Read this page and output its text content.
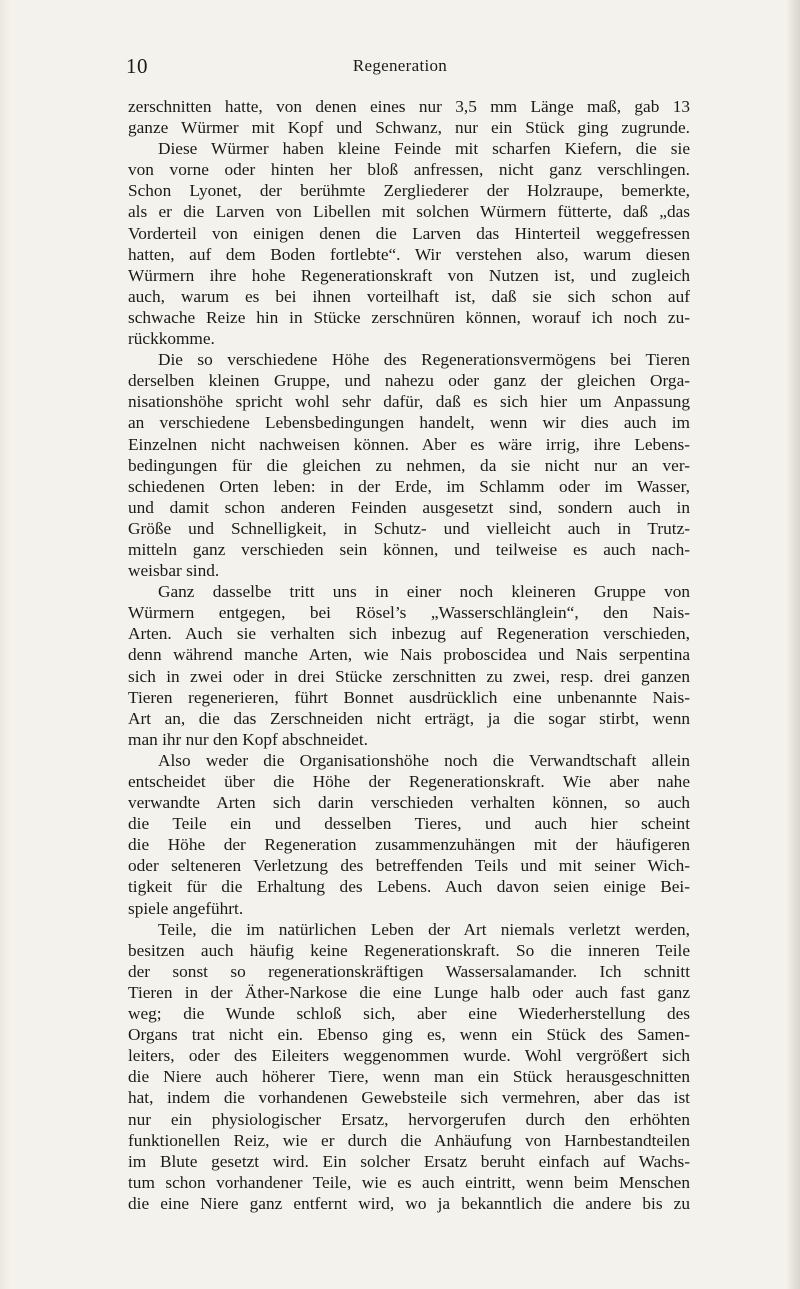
10	Regeneration
zerschnitten hatte, von denen eines nur 3,5 mm Länge maß, gab 13
ganze Würmer mit Kopf und Schwanz, nur ein Stück ging zugrunde.
Diese Würmer haben kleine Feinde mit scharfen Kiefern, die sie
von vorne oder hinten her bloß anfressen, nicht ganz verschlingen.
Schon Lyonet, der berühmte Zergliederer der Holzraupe, bemerkte,
als er die Larven von Libellen mit solchen Würmern fütterte, daß „das
Vorderteil von einigen denen die Larven das Hinterteil weggefressen
hatten, auf dem Boden fortlebte“. Wir verstehen also, warum diesen
Würmern ihre hohe Regenerationskraft von Nutzen ist, und zugleich
auch, warum es bei ihnen vorteilhaft ist, daß sie sich schon auf
schwache Reize hin in Stücke zerschnüren können, worauf ich noch zu-
rückkomme.
Die so verschiedene Höhe des Regenerationsvermögens bei Tieren
derselben kleinen Gruppe, und nahezu oder ganz der gleichen Orga-
nisationshöhe spricht wohl sehr dafür, daß es sich hier um Anpassung
an verschiedene Lebensbedingungen handelt, wenn wir dies auch im
Einzelnen nicht nachweisen können. Aber es wäre irrig, ihre Lebens-
bedingungen für die gleichen zu nehmen, da sie nicht nur an ver-
schiedenen Orten leben: in der Erde, im Schlamm oder im Wasser,
und damit schon anderen Feinden ausgesetzt sind, sondern auch in
Größe und Schnelligkeit, in Schutz- und vielleicht auch in Trutz-
mitteln ganz verschieden sein können, und teilweise es auch nach-
weisbar sind.
Ganz dasselbe tritt uns in einer noch kleineren Gruppe von
Würmern entgegen, bei Rösel’s „Wasserschlänglein“, den Nais-
Arten. Auch sie verhalten sich inbezug auf Regeneration verschieden,
denn während manche Arten, wie Nais proboscidea und Nais serpentina
sich in zwei oder in drei Stücke zerschnitten zu zwei, resp. drei ganzen
Tieren regenerieren, führt Bonnet ausdrücklich eine unbenannte Nais-
Art an, die das Zerschneiden nicht erträgt, ja die sogar stirbt, wenn
man ihr nur den Kopf abschneidet.
Also weder die Organisationshöhe noch die Verwandtschaft allein
entscheidet über die Höhe der Regenerationskraft. Wie aber nahe
verwandte Arten sich darin verschieden verhalten können, so auch
die Teile ein und desselben Tieres, und auch hier scheint
die Höhe der Regeneration zusammenzuhängen mit der häufigeren
oder selteneren Verletzung des betreffenden Teils und mit seiner Wich-
tigkeit für die Erhaltung des Lebens. Auch davon seien einige Bei-
spiele angeführt.
Teile, die im natürlichen Leben der Art niemals verletzt werden,
besitzen auch häufig keine Regenerationskraft. So die inneren Teile
der sonst so regenerationskräftigen Wassersalamander. Ich schnitt
Tieren in der Äther-Narkose die eine Lunge halb oder auch fast ganz
weg; die Wunde schloß sich, aber eine Wiederherstellung des
Organs trat nicht ein. Ebenso ging es, wenn ein Stück des Samen-
leiters, oder des Eileiters weggenommen wurde. Wohl vergrößert sich
die Niere auch höherer Tiere, wenn man ein Stück herausgeschnitten
hat, indem die vorhandenen Gewebsteile sich vermehren, aber das ist
nur ein physiologischer Ersatz, hervorgerufen durch den erhöhten
funktionellen Reiz, wie er durch die Anhäufung von Harnbestandteilen
im Blute gesetzt wird. Ein solcher Ersatz beruht einfach auf Wachs-
tum schon vorhandener Teile, wie es auch eintritt, wenn beim Menschen
die eine Niere ganz entfernt wird, wo ja bekanntlich die andere bis zu
